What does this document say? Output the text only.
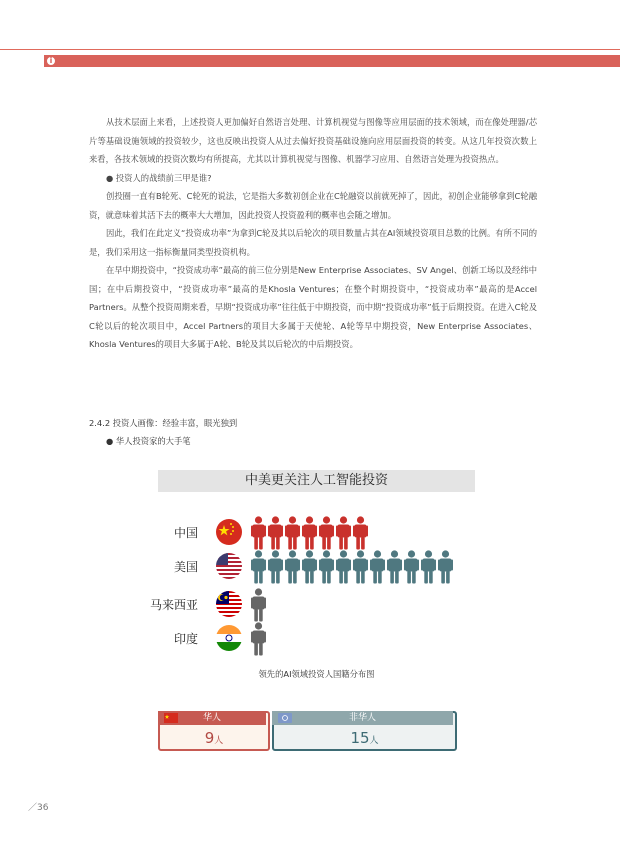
i

从技术层面上来看，上述投资人更加偏好自然语言处理、计算机视觉与图像等应用层面的技术领域，而在像处理器/芯片等基础设施领域的投资较少，这也反映出投资人从过去偏好投资基础设施向应用层面投资的转变。从这几年投资次数上来看，各技术领域的投资次数均有所提高，尤其以计算机视觉与图像、机器学习应用、自然语言处理为投资热点。

● 投资人的战绩前三甲是谁?

创投圈一直有B轮死、C轮死的说法，它是指大多数初创企业在C轮融资以前就死掉了，因此，初创企业能够拿到C轮融资，就意味着其活下去的概率大大增加，因此投资人投资盈利的概率也会随之增加。

因此，我们在此定义“投资成功率”为拿到C轮及其以后轮次的项目数量占其在AI领域投资项目总数的比例。有所不同的是，我们采用这一指标衡量同类型投资机构。

在早中期投资中，“投资成功率”最高的前三位分别是New Enterprise Associates、SV Angel、创新工场以及经纬中国；在中后期投资中，“投资成功率”最高的是Khosla Ventures；在整个时期投资中，“投资成功率”最高的是Accel Partners。从整个投资周期来看，早期“投资成功率”往往低于中期投资，而中期“投资成功率”低于后期投资。在进入C轮及C轮以后的轮次项目中，Accel Partners的项目大多属于天使轮、A轮等早中期投资，New Enterprise Associates、Khosla Ventures的项目大多属于A轮、B轮及其以后轮次的中后期投资。

2.4.2 投资人画像：经验丰富，眼光独到
● 华人投资家的大手笔
中美更关注人工智能投资
中国
美国
马来西亚
印度
领先的AI领域投资人国籍分布图
华人
9人
非华人
15人
／36
